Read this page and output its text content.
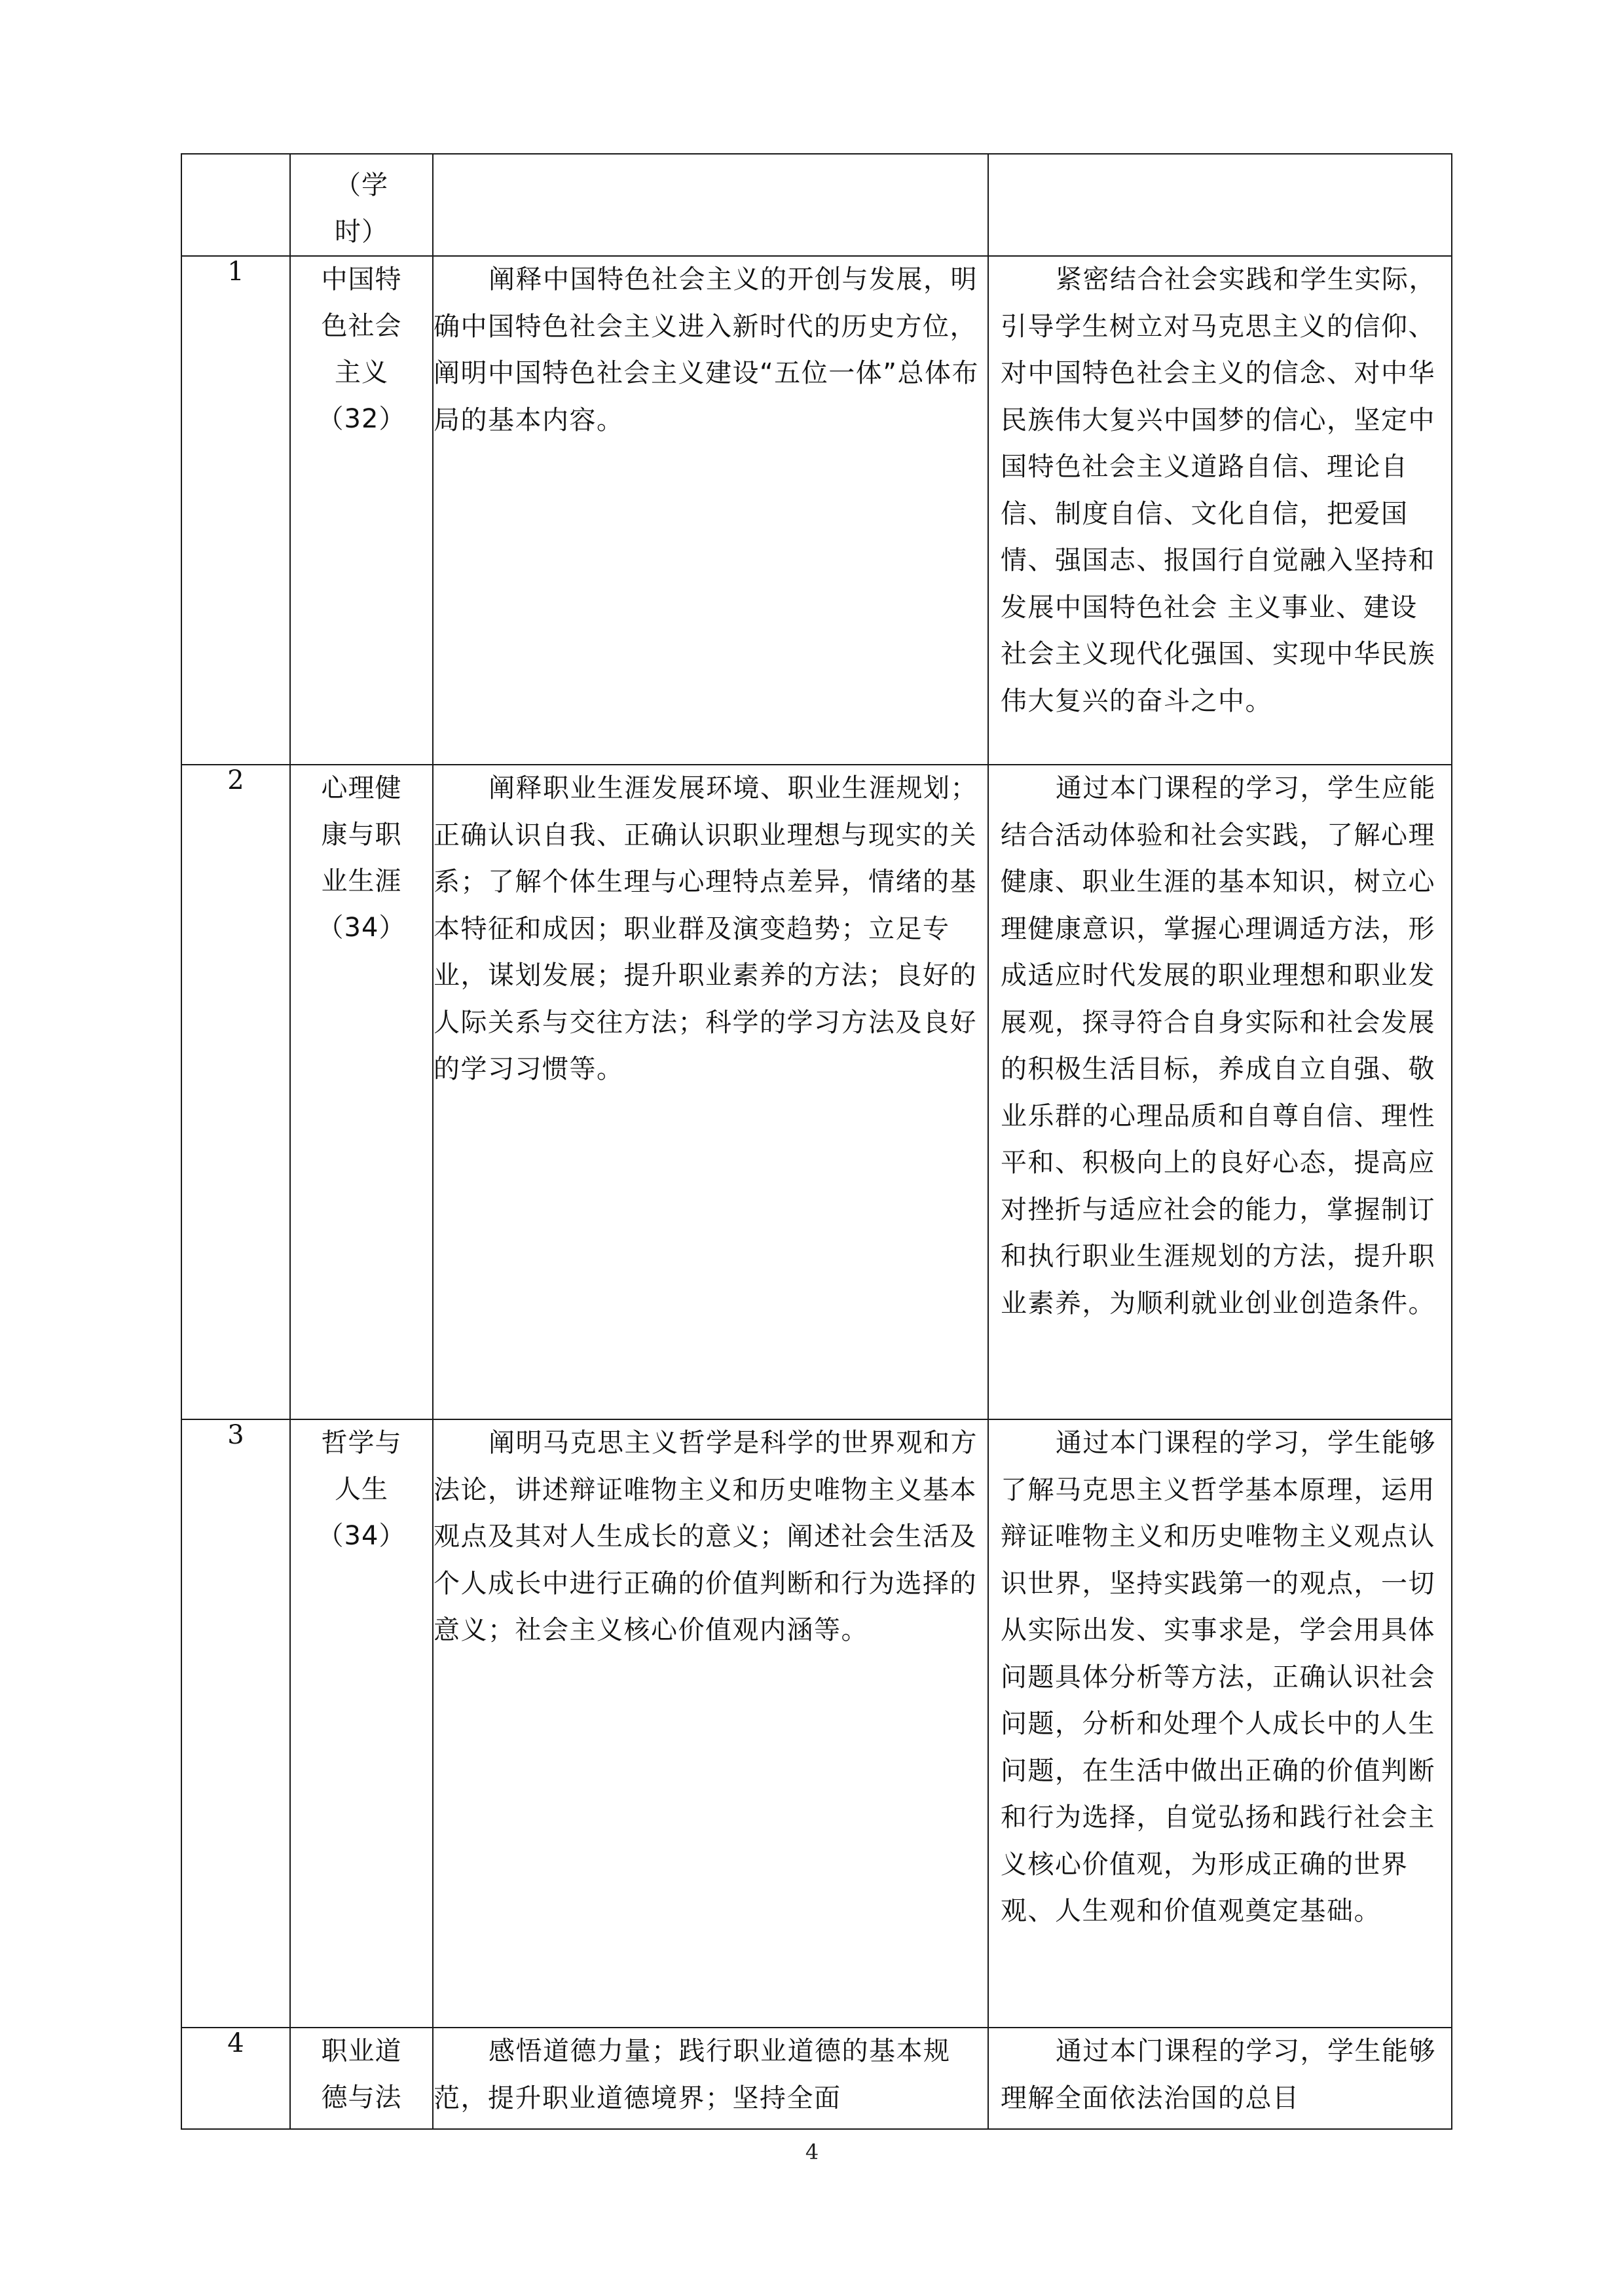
	（学
时）		

1	中国特
色社会
主义
（32）	阐释中国特色社会主义的开创与发展，明确中国特色社会主义进入新时代的历史方位， 阐明中国特色社会主义建设“五位一体”总体布局的基本内容。	紧密结合社会实践和学生实际，引导学生树立对马克思主义的信仰、对中国特色社会主义的信念、对中华民族伟大复兴中国梦的信心，坚定中国特色社会主义道路自信、理论自信、制度自信、文化自信，把爱国情、强国志、报国行自觉融入坚持和发展中国特色社会 主义事业、建设社会主义现代化强国、实现中华民族伟大复兴的奋斗之中。

2	心理健
康与职
业生涯
（34）	阐释职业生涯发展环境、职业生涯规划；正确认识自我、正确认识职业理想与现实的关系；了解个体生理与心理特点差异，情绪的基本特征和成因；职业群及演变趋势；立足专业，谋划发展；提升职业素养的方法；良好的人际关系与交往方法；科学的学习方法及良好的学习习惯等。	通过本门课程的学习，学生应能结合活动体验和社会实践，了解心理健康、职业生涯的基本知识，树立心理健康意识，掌握心理调适方法，形成适应时代发展的职业理想和职业发展观，探寻符合自身实际和社会发展的积极生活目标，养成自立自强、敬业乐群的心理品质和自尊自信、理性平和、积极向上的良好心态，提高应对挫折与适应社会的能力，掌握制订和执行职业生涯规划的方法，提升职业素养，为顺利就业创业创造条件。

3	哲学与
人生
（34）	阐明马克思主义哲学是科学的世界观和方法论，讲述辩证唯物主义和历史唯物主义基本观点及其对人生成长的意义；阐述社会生活及个人成长中进行正确的价值判断和行为选择的意义；社会主义核心价值观内涵等。	通过本门课程的学习，学生能够了解马克思主义哲学基本原理，运用辩证唯物主义和历史唯物主义观点认识世界，坚持实践第一的观点，一切从实际出发、实事求是，学会用具体问题具体分析等方法，正确认识社会问题，分析和处理个人成长中的人生问题，在生活中做出正确的价值判断和行为选择，自觉弘扬和践行社会主义核心价值观，为形成正确的世界观、人生观和价值观奠定基础。

4	职业道
德与法	感悟道德力量；践行职业道德的基本规范，提升职业道德境界；坚持全面	通过本门课程的学习，学生能够理解全面依法治国的总目

4
